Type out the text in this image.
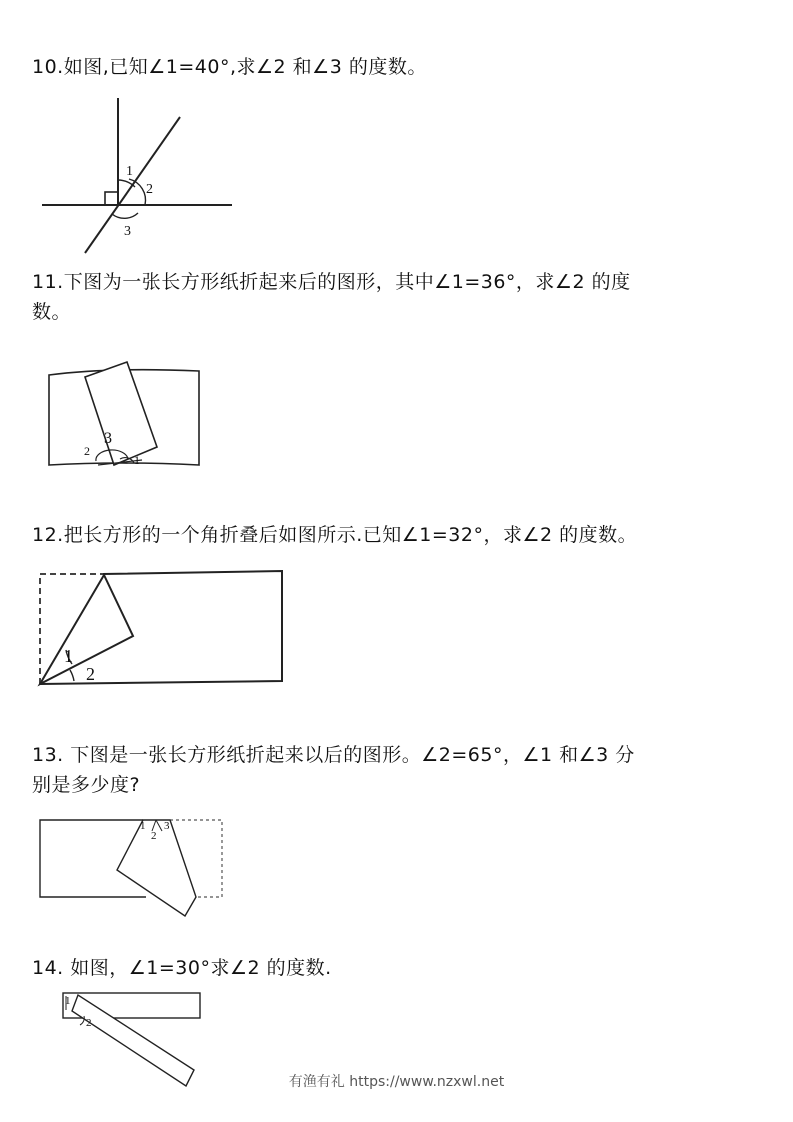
10.如图,已知∠1=40°,求∠2 和∠3 的度数。
1
2
3
11.下图为一张长方形纸折起来后的图形，其中∠1=36°，求∠2 的度
数。
3
2
1
12.把长方形的一个角折叠后如图所示.已知∠1=32°，求∠2 的度数。
1
2
13. 下图是一张长方形纸折起来以后的图形。∠2=65°，∠1 和∠3 分
别是多少度?
1 3
2
14. 如图，∠1=30°求∠2 的度数.
1
2
有渔有礼 https://www.nzxwl.net
